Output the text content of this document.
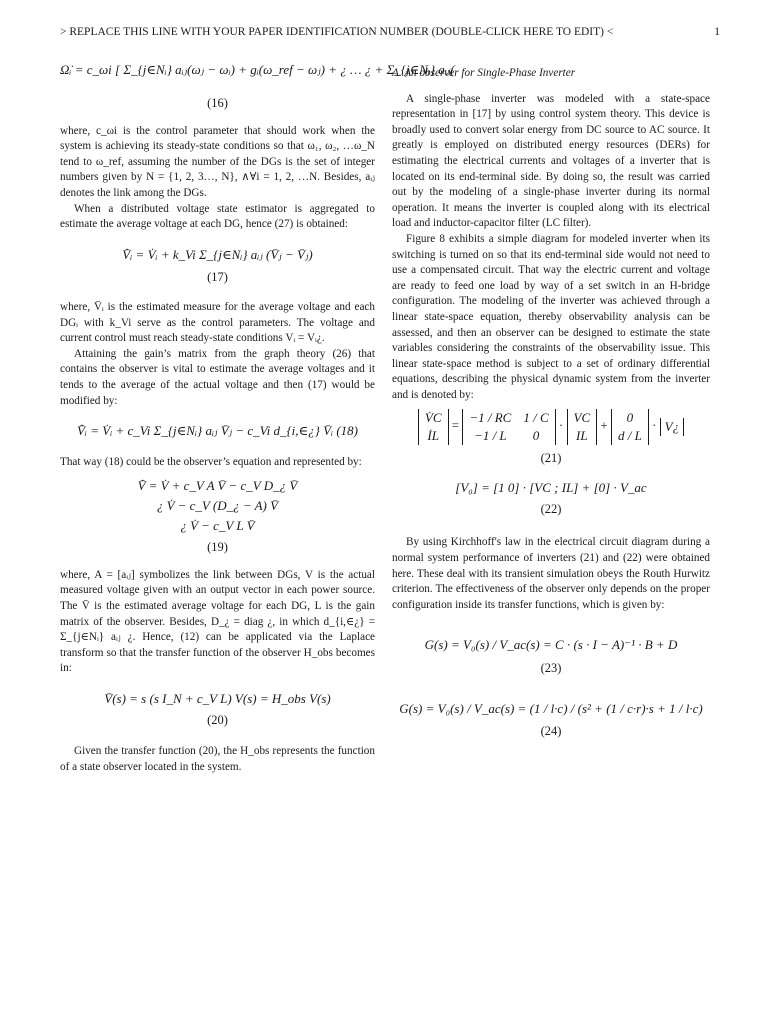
> REPLACE THIS LINE WITH YOUR PAPER IDENTIFICATION NUMBER (DOUBLE-CLICK HERE TO EDIT) <	1
Ω̇ᵢ = c_ωi [ Σ_{j∈Nᵢ} aᵢⱼ(ωⱼ − ωᵢ) + gᵢ(ω_ref − ωⱼ) + ¿ … ¿ + Σ_{j∈Nᵢ} aᵢⱼ(
(16)

where, c_ωi is the control parameter that should work when the system is achieving its steady-state conditions so that ω₁, ω₂, …ω_N tend to ω_ref, assuming the number of the DGs is the set of integer numbers given by N = {1, 2, 3…, N}, ∧∀i = 1, 2, …N. Besides, aᵢⱼ denotes the link among the DGs.

When a distributed voltage state estimator is aggregated to estimate the average voltage at each DG, hence (27) is obtained:

V̄̇ᵢ = V̇ᵢ + k_Vi Σ_{j∈Nᵢ} aᵢⱼ (V̄ⱼ − V̄ⱼ)
(17)

where, V̄ᵢ is the estimated measure for the average voltage and each DGᵢ with k_Vi serve as the control parameters. The voltage and current control must reach steady-state conditions Vᵢ = Vᵢ¿.

Attaining the gain’s matrix from the graph theory (26) that contains the observer is vital to estimate the average voltages and it tends to the average of the actual voltage and then (17) would be modified by:

V̄̇ᵢ = V̇ᵢ + c_Vi Σ_{j∈Nᵢ} aᵢⱼ V̄ⱼ − c_Vi d_{i,∈¿} V̄ᵢ (18)

That way (18) could be the observer’s equation and represented by:

V̄̇ = V̇ + c_V A V̄ − c_V D_¿ V̄
¿ V̇ − c_V (D_¿ − A) V̄
¿ V̇ − c_V L V̄
(19)

where, A = [aᵢⱼ] symbolizes the link between DGs, V is the actual measured voltage given with an output vector in each power source. The V̄ is the estimated average voltage for each DG, L is the gain matrix of the observer. Besides, D_¿ = diag ¿, in which d_{i,∈¿} = Σ_{j∈Nᵢ} aᵢⱼ ¿. Hence, (12) can be applicated via the Laplace transform so that the transfer function of the observer H_obs becomes in:

V̄(s) = s (s I_N + c_V L) V(s) = H_obs V(s)
(20)

Given the transfer function (20), the H_obs represents the function of a state observer located in the system.

A. An observer for Single-Phase Inverter

A single-phase inverter was modeled with a state-space representation in [17] by using control system theory. This device is broadly used to convert solar energy from DC source to AC source. It greatly is employed on distributed energy resources (DERs) for estimating the electrical currents and voltages of a inverter that is located on its end-terminal side. By doing so, the result was carried out by the modeling of a single-phase inverter during its normal operation. It means the inverter is coupled along with its electrical load and inductor-capacitor filter (LC filter).

Figure 8 exhibits a simple diagram for modeled inverter when its switching is turned on so that its end-terminal side would not need to use a compensated circuit. That way the electric current and voltage are ready to feed one load by way of a set switch in an H-bridge configuration. The modeling of the inverter was achieved through a linear state-space equation, thereby observability analysis can be assessed, and then an observer can be designed to estimate the state variables considering the constraints of the observability issue. This linear state-space method is subject to a set of ordinary differential equations, describing the physical dynamic system from the inverter and is denoted by:

V̇C
İL = −1 / RC	1 / C
−1 / L	0 · VC
IL + 0
d / L · V¿
(21)
[V₀] = [1 0] · [VC ; IL] + [0] · V_ac
(22)

By using Kirchhoff's law in the electrical circuit diagram during a normal system performance of inverters (21) and (22) were obtained here. These deal with its transient simulation obeys the Routh Hurwitz criterion. The effectiveness of the observer only depends on the proper configuration inside its transfer functions, which is given by:

G(s) = V₀(s) / V_ac(s) = C · (s · I − A)⁻¹ · B + D
(23)
G(s) = V₀(s) / V_ac(s) = (1 / l·c) / (s² + (1 / c·r)·s + 1 / l·c)
(24)
